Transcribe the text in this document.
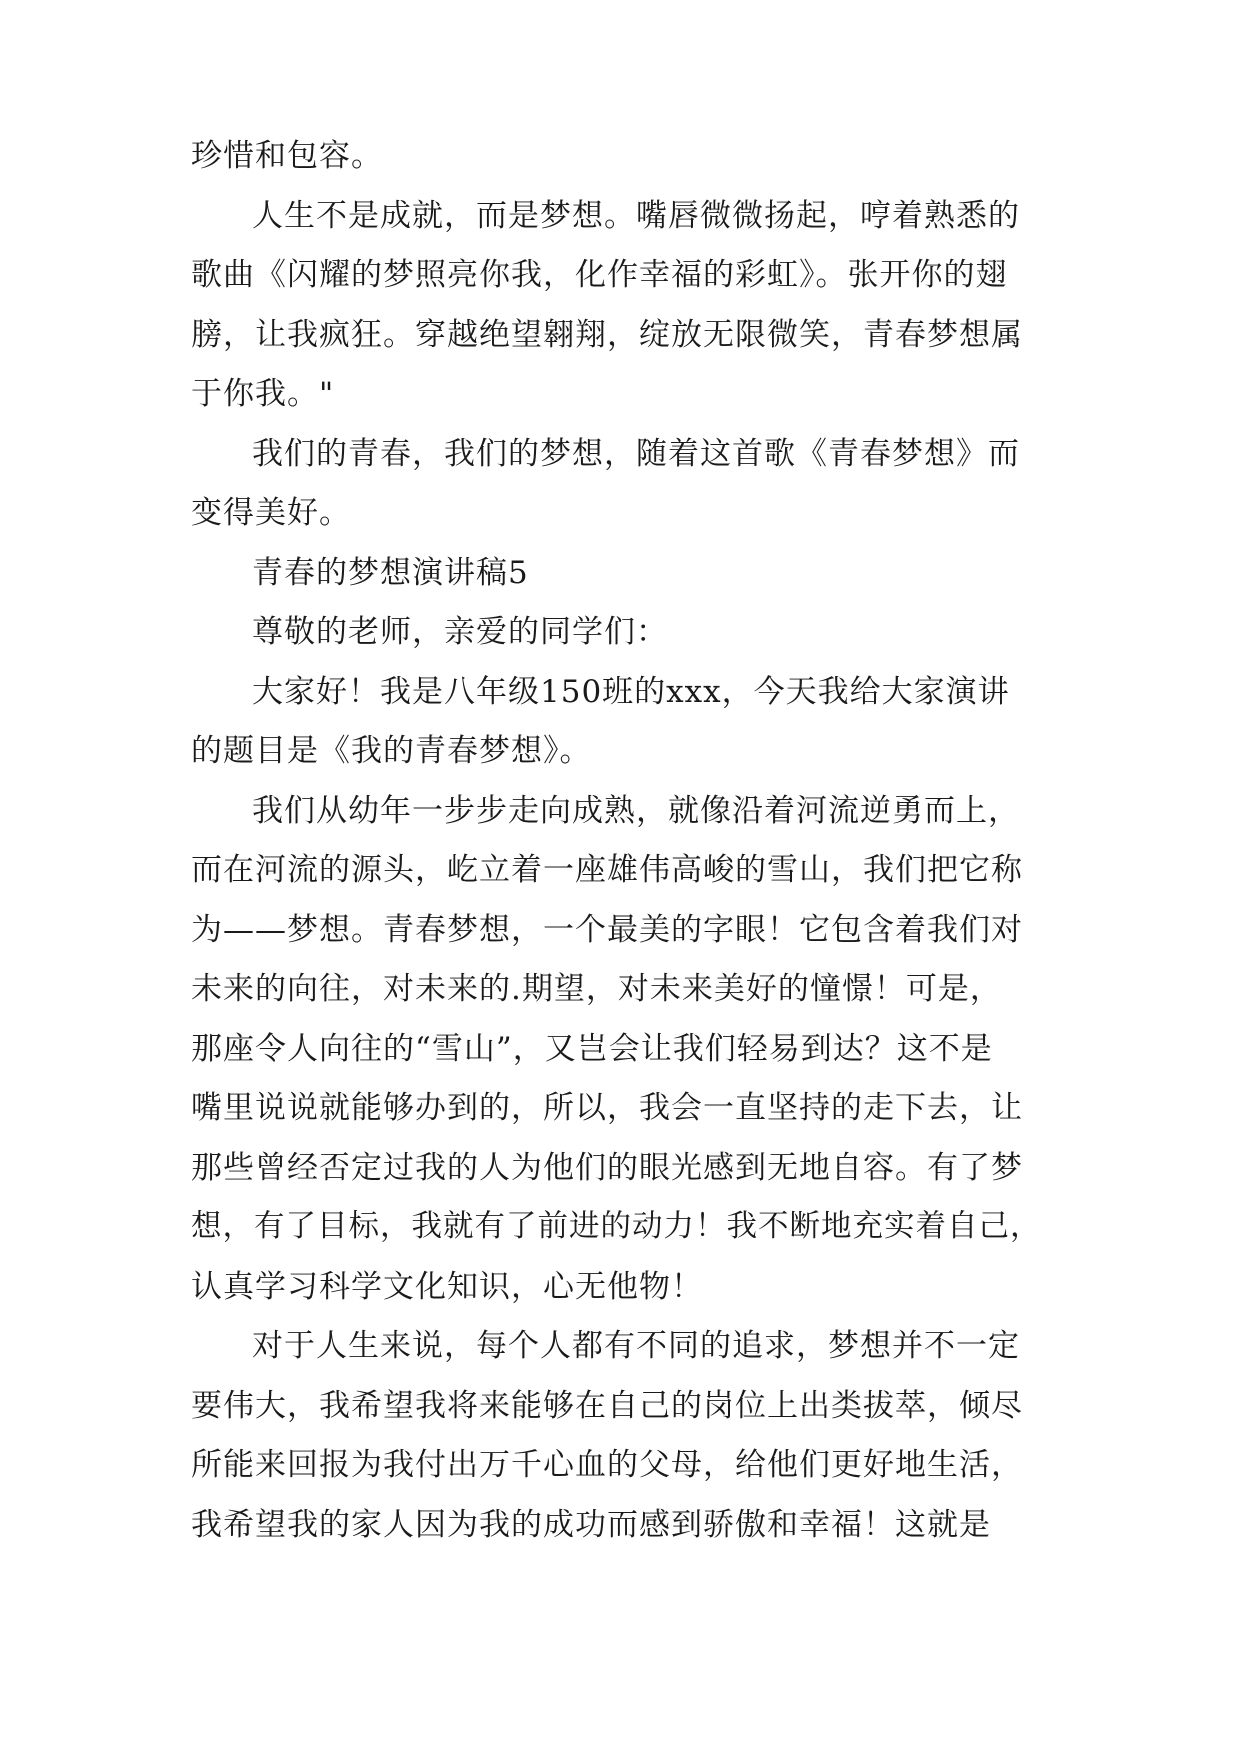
珍惜和包容。
人生不是成就，而是梦想。嘴唇微微扬起，哼着熟悉的
歌曲《闪耀的梦照亮你我，化作幸福的彩虹》。张开你的翅
膀，让我疯狂。穿越绝望翱翔，绽放无限微笑，青春梦想属
于你我。"
我们的青春，我们的梦想，随着这首歌《青春梦想》而
变得美好。
青春的梦想演讲稿5
尊敬的老师，亲爱的同学们：
大家好！我是八年级150班的xxx，今天我给大家演讲
的题目是《我的青春梦想》。
我们从幼年一步步走向成熟，就像沿着河流逆勇而上，
而在河流的源头，屹立着一座雄伟高峻的雪山，我们把它称
为——梦想。青春梦想，一个最美的字眼！它包含着我们对
未来的向往，对未来的.期望，对未来美好的憧憬！可是，
那座令人向往的“雪山”，又岂会让我们轻易到达？这不是
嘴里说说就能够办到的，所以，我会一直坚持的走下去，让
那些曾经否定过我的人为他们的眼光感到无地自容。有了梦
想，有了目标，我就有了前进的动力！我不断地充实着自己，
认真学习科学文化知识，心无他物！
对于人生来说，每个人都有不同的追求，梦想并不一定
要伟大，我希望我将来能够在自己的岗位上出类拔萃，倾尽
所能来回报为我付出万千心血的父母，给他们更好地生活，
我希望我的家人因为我的成功而感到骄傲和幸福！这就是
